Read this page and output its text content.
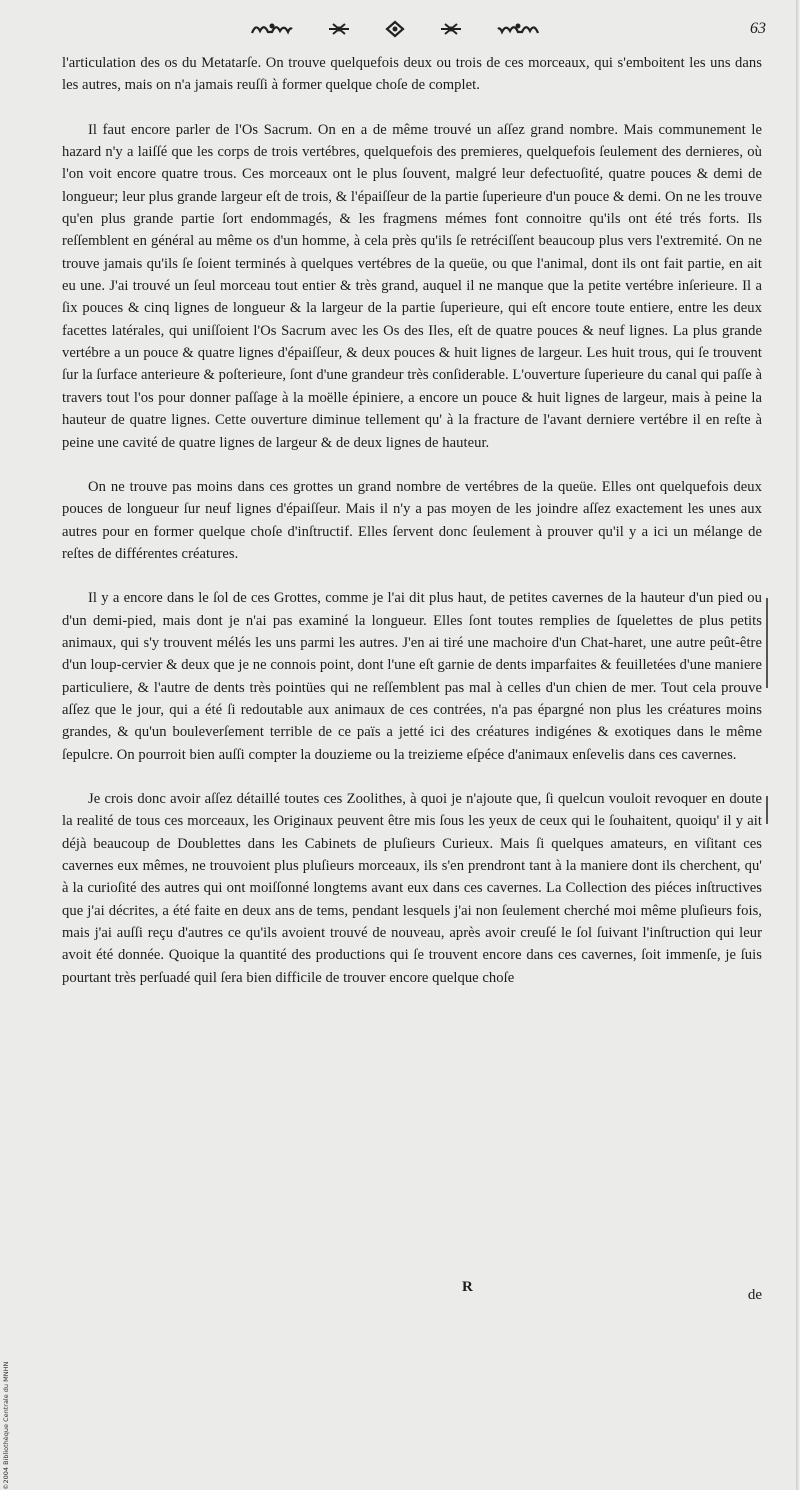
63

l'articulation des os du Metatarſe. On trouve quelquefois deux ou trois de ces morceaux, qui s'emboitent les uns dans les autres, mais on n'a jamais reuſſi à former quelque choſe de complet.

Il faut encore parler de l'Os Sacrum. On en a de même trouvé un aſſez grand nombre. Mais communement le hazard n'y a laiſſé que les corps de trois vertébres, quelquefois des premieres, quelquefois ſeulement des dernieres, où l'on voit encore quatre trous. Ces morceaux ont le plus ſouvent, malgré leur defectuoſité, quatre pouces & demi de longueur; leur plus grande largeur eſt de trois, & l'épaiſſeur de la partie ſuperieure d'un pouce & demi. On ne les trouve qu'en plus grande partie ſort endommagés, & les fragmens mémes font connoitre qu'ils ont été trés forts. Ils reſſemblent en général au même os d'un homme, à cela près qu'ils ſe retréciſſent beaucoup plus vers l'extremité. On ne trouve jamais qu'ils ſe ſoient terminés à quelques vertébres de la queüe, ou que l'animal, dont ils ont fait partie, en ait eu une. J'ai trouvé un ſeul morceau tout entier & très grand, auquel il ne manque que la petite vertébre inſerieure. Il a ſix pouces & cinq lignes de longueur & la largeur de la partie ſuperieure, qui eſt encore toute entiere, entre les deux facettes latérales, qui uniſſoient l'Os Sacrum avec les Os des Iles, eſt de quatre pouces & neuf lignes. La plus grande vertébre a un pouce & quatre lignes d'épaiſſeur, & deux pouces & huit lignes de largeur. Les huit trous, qui ſe trouvent ſur la ſurface anterieure & poſterieure, ſont d'une grandeur très conſiderable. L'ouverture ſuperieure du canal qui paſſe à travers tout l'os pour donner paſſage à la moëlle épiniere, a encore un pouce & huit lignes de largeur, mais à peine la hauteur de quatre lignes. Cette ouverture diminue tellement qu' à la fracture de l'avant derniere vertébre il en reſte à peine une cavité de quatre lignes de largeur & de deux lignes de hauteur.

On ne trouve pas moins dans ces grottes un grand nombre de vertébres de la queüe. Elles ont quelquefois deux pouces de longueur ſur neuf lignes d'épaiſſeur. Mais il n'y a pas moyen de les joindre aſſez exactement les unes aux autres pour en former quelque choſe d'inſtructif. Elles ſervent donc ſeulement à prouver qu'il y a ici un mélange de reſtes de différentes créatures.

Il y a encore dans le ſol de ces Grottes, comme je l'ai dit plus haut, de petites cavernes de la hauteur d'un pied ou d'un demi-pied, mais dont je n'ai pas examiné la longueur. Elles ſont toutes remplies de ſquelettes de plus petits animaux, qui s'y trouvent mélés les uns parmi les autres. J'en ai tiré une machoire d'un Chat-haret, une autre peût-être d'un loup-cervier & deux que je ne connois point, dont l'une eſt garnie de dents imparfaites & feuilletées d'une maniere particuliere, & l'autre de dents très pointües qui ne reſſemblent pas mal à celles d'un chien de mer. Tout cela prouve aſſez que le jour, qui a été ſi redoutable aux animaux de ces contrées, n'a pas épargné non plus les créatures moins grandes, & qu'un bouleverſement terrible de ce païs a jetté ici des créatures indigénes & exotiques dans le même ſepulcre. On pourroit bien auſſi compter la douzieme ou la treizieme eſpéce d'animaux enſevelis dans ces cavernes.

Je crois donc avoir aſſez détaillé toutes ces Zoolithes, à quoi je n'ajoute que, ſi quelcun vouloit revoquer en doute la realité de tous ces morceaux, les Originaux peuvent être mis ſous les yeux de ceux qui le ſouhaitent, quoiqu' il y ait déjà beaucoup de Doublettes dans les Cabinets de pluſieurs Curieux. Mais ſi quelques amateurs, en viſitant ces cavernes eux mêmes, ne trouvoient plus pluſieurs morceaux, ils s'en prendront tant à la maniere dont ils cherchent, qu' à la curioſité des autres qui ont moiſſonné longtems avant eux dans ces cavernes. La Collection des piéces inſtructives que j'ai décrites, a été faite en deux ans de tems, pendant lesquels j'ai non ſeulement cherché moi même pluſieurs fois, mais j'ai auſſi reçu d'autres ce qu'ils avoient trouvé de nouveau, après avoir creuſé le ſol ſuivant l'inſtruction qui leur avoit été donnée. Quoique la quantité des productions qui ſe trouvent encore dans ces cavernes, ſoit immenſe, je ſuis pourtant très perſuadé quil ſera bien difficile de trouver encore quelque choſe

R	de
©2004 Bibliothèque Centrale du MNHN
